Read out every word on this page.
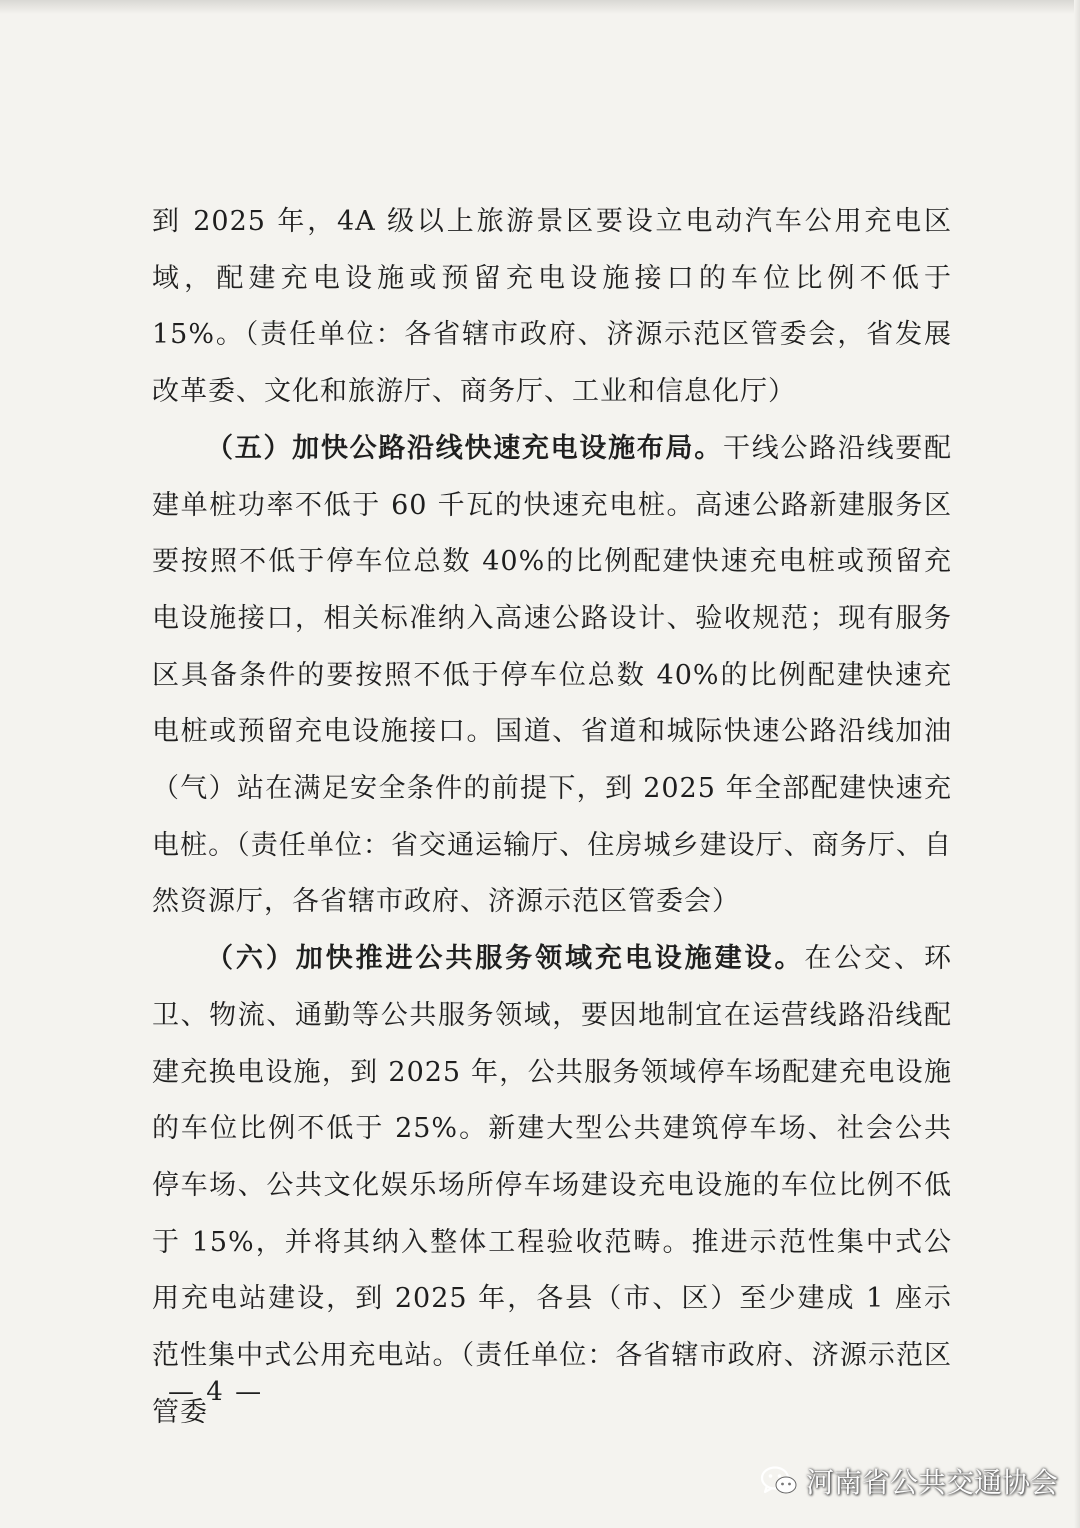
到 2025 年，4A 级以上旅游景区要设立电动汽车公用充电区域，配建充电设施或预留充电设施接口的车位比例不低于 15%。（责任单位：各省辖市政府、济源示范区管委会，省发展改革委、文化和旅游厅、商务厅、工业和信息化厅）

（五）加快公路沿线快速充电设施布局。干线公路沿线要配建单桩功率不低于 60 千瓦的快速充电桩。高速公路新建服务区要按照不低于停车位总数 40%的比例配建快速充电桩或预留充电设施接口，相关标准纳入高速公路设计、验收规范；现有服务区具备条件的要按照不低于停车位总数 40%的比例配建快速充电桩或预留充电设施接口。国道、省道和城际快速公路沿线加油（气）站在满足安全条件的前提下，到 2025 年全部配建快速充电桩。（责任单位：省交通运输厅、住房城乡建设厅、商务厅、自然资源厅，各省辖市政府、济源示范区管委会）

（六）加快推进公共服务领域充电设施建设。在公交、环卫、物流、通勤等公共服务领域，要因地制宜在运营线路沿线配建充换电设施，到 2025 年，公共服务领域停车场配建充电设施的车位比例不低于 25%。新建大型公共建筑停车场、社会公共停车场、公共文化娱乐场所停车场建设充电设施的车位比例不低于 15%，并将其纳入整体工程验收范畴。推进示范性集中式公用充电站建设，到 2025 年，各县（市、区）至少建成 1 座示范性集中式公用充电站。（责任单位：各省辖市政府、济源示范区管委

— 4 —
河南省公共交通协会
